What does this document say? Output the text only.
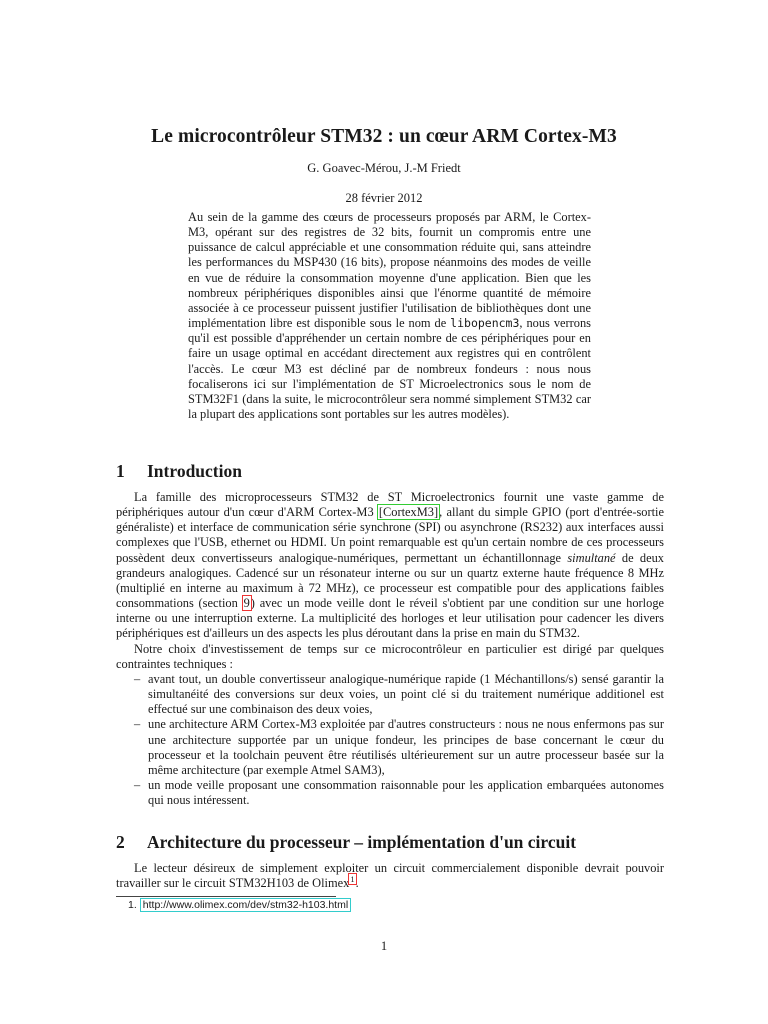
Le microcontrôleur STM32 : un cœur ARM Cortex-M3
G. Goavec-Mérou, J.-M Friedt
28 février 2012

Au sein de la gamme des cœurs de processeurs proposés par ARM, le Cortex-M3, opérant sur des registres de 32 bits, fournit un compromis entre une puissance de calcul appréciable et une consommation réduite qui, sans atteindre les performances du MSP430 (16 bits), propose néanmoins des modes de veille en vue de réduire la consommation moyenne d'une application. Bien que les nombreux périphériques disponibles ainsi que l'énorme quantité de mémoire associée à ce processeur puissent justifier l'utilisation de bibliothèques dont une implémentation libre est disponible sous le nom de libopencm3, nous verrons qu'il est possible d'appréhender un certain nombre de ces périphériques pour en faire un usage optimal en accédant directement aux registres qui en contrôlent l'accès. Le cœur M3 est décliné par de nombreux fondeurs : nous nous focaliserons ici sur l'implémentation de ST Microelectronics sous le nom de STM32F1 (dans la suite, le microcontrôleur sera nommé simplement STM32 car la plupart des applications sont portables sur les autres modèles).

1 Introduction

La famille des microprocesseurs STM32 de ST Microelectronics fournit une vaste gamme de périphériques autour d'un cœur d'ARM Cortex-M3 [CortexM3], allant du simple GPIO (port d'entrée-sortie généraliste) et interface de communication série synchrone (SPI) ou asynchrone (RS232) aux interfaces aussi complexes que l'USB, ethernet ou HDMI. Un point remarquable est qu'un certain nombre de ces processeurs possèdent deux convertisseurs analogique-numériques, permettant un échantillonnage simultané de deux grandeurs analogiques. Cadencé sur un résonateur interne ou sur un quartz externe haute fréquence 8 MHz (multiplié en interne au maximum à 72 MHz), ce processeur est compatible pour des applications faibles consommations (section 9) avec un mode veille dont le réveil s'obtient par une condition sur une horloge interne ou une interruption externe. La multiplicité des horloges et leur utilisation pour cadencer les divers périphériques est d'ailleurs un des aspects les plus déroutant dans la prise en main du STM32.

Notre choix d'investissement de temps sur ce microcontrôleur en particulier est dirigé par quelques contraintes techniques :

– avant tout, un double convertisseur analogique-numérique rapide (1 Méchantillons/s) sensé garantir la simultanéité des conversions sur deux voies, un point clé si du traitement numérique additionel est effectué sur une combinaison des deux voies,
– une architecture ARM Cortex-M3 exploitée par d'autres constructeurs : nous ne nous enfermons pas sur une architecture supportée par un unique fondeur, les principes de base concernant le cœur du processeur et la toolchain peuvent être réutilisés ultérieurement sur un autre processeur basée sur la même architecture (par exemple Atmel SAM3),
– un mode veille proposant une consommation raisonnable pour les application embarquées autonomes qui nous intéressent.
2 Architecture du processeur – implémentation d'un circuit

Le lecteur désireux de simplement exploiter un circuit commercialement disponible devrait pouvoir travailler sur le circuit STM32H103 de Olimex$^1$.

1. http://www.olimex.com/dev/stm32-h103.html
1
